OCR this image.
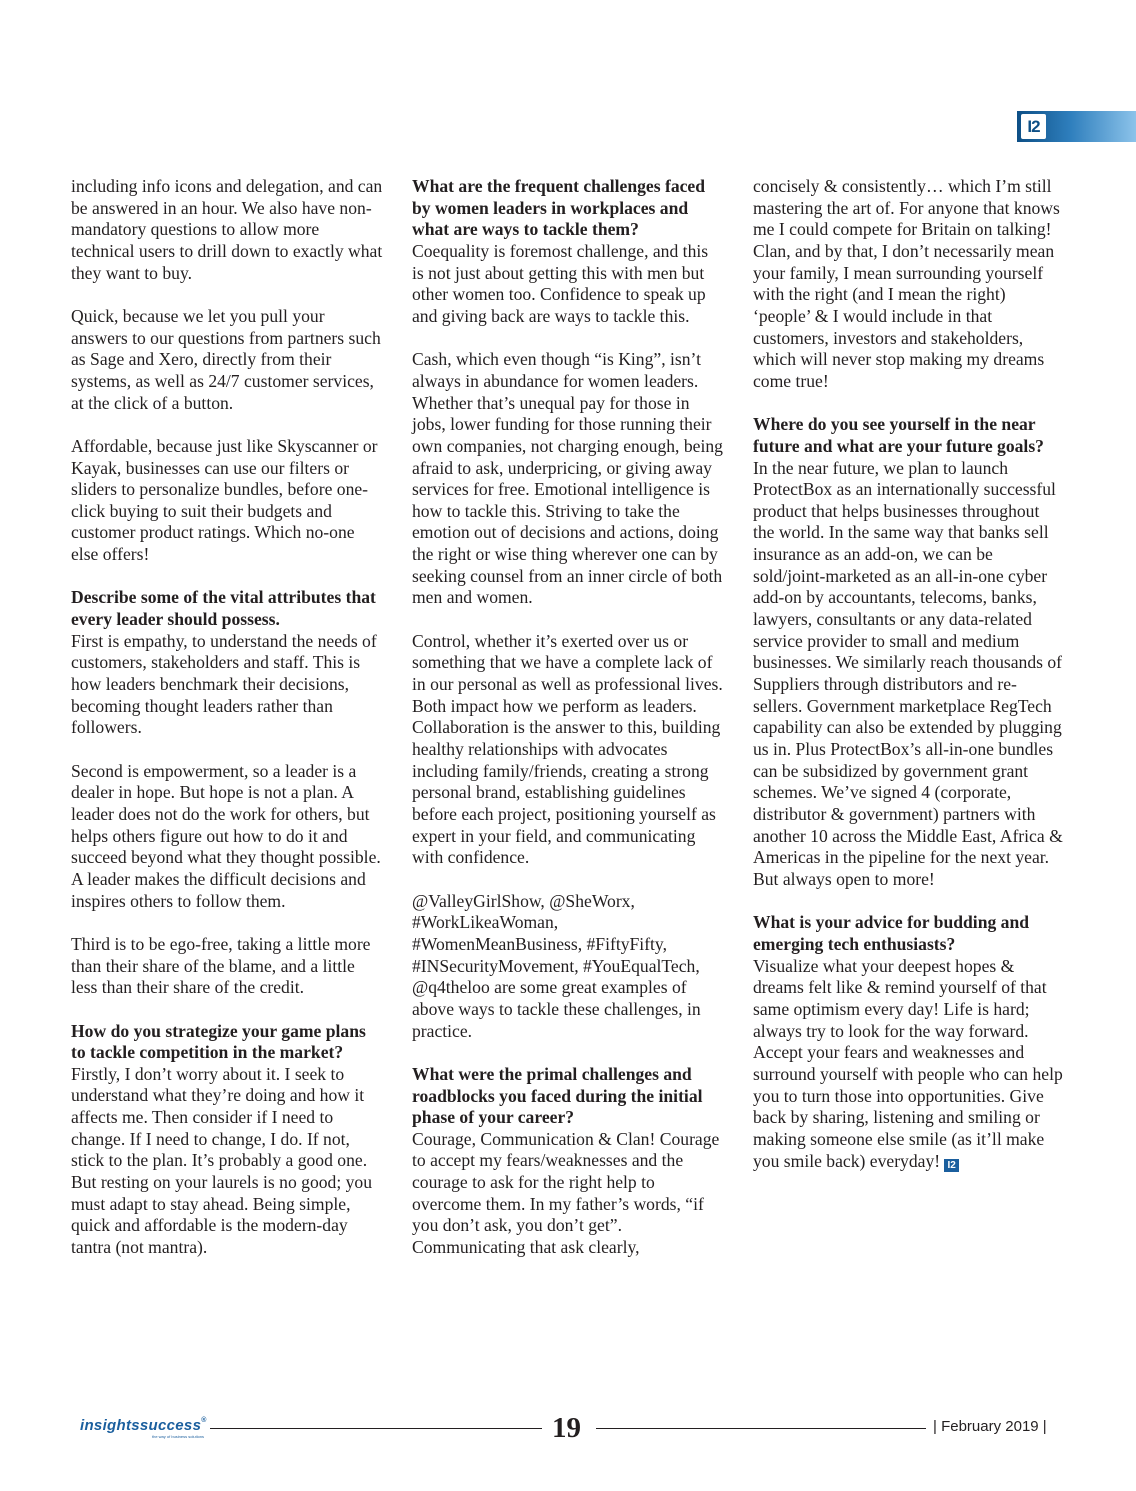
I2

including info icons and delegation, and can be answered in an hour. We also have non-mandatory questions to allow more technical users to drill down to exactly what they want to buy.

Quick, because we let you pull your answers to our questions from partners such as Sage and Xero, directly from their systems, as well as 24/7 customer services, at the click of a button.

Affordable, because just like Skyscanner or Kayak, businesses can use our filters or sliders to personalize bundles, before one-click buying to suit their budgets and customer product ratings. Which no-one else offers!

Describe some of the vital attributes that every leader should possess.

First is empathy, to understand the needs of customers, stakeholders and staff. This is how leaders benchmark their decisions, becoming thought leaders rather than followers.

Second is empowerment, so a leader is a dealer in hope. But hope is not a plan. A leader does not do the work for others, but helps others figure out how to do it and succeed beyond what they thought possible. A leader makes the difficult decisions and inspires others to follow them.

Third is to be ego-free, taking a little more than their share of the blame, and a little less than their share of the credit.

How do you strategize your game plans to tackle competition in the market?

Firstly, I don’t worry about it. I seek to understand what they’re doing and how it affects me. Then consider if I need to change. If I need to change, I do. If not, stick to the plan. It’s probably a good one. But resting on your laurels is no good; you must adapt to stay ahead. Being simple, quick and affordable is the modern-day tantra (not mantra).

What are the frequent challenges faced by women leaders in workplaces and what are ways to tackle them?

Coequality is foremost challenge, and this is not just about getting this with men but other women too. Confidence to speak up and giving back are ways to tackle this.

Cash, which even though “is King”, isn’t always in abundance for women leaders. Whether that’s unequal pay for those in jobs, lower funding for those running their own companies, not charging enough, being afraid to ask, underpricing, or giving away services for free. Emotional intelligence is how to tackle this. Striving to take the emotion out of decisions and actions, doing the right or wise thing wherever one can by seeking counsel from an inner circle of both men and women.

Control, whether it’s exerted over us or something that we have a complete lack of in our personal as well as professional lives. Both impact how we perform as leaders. Collaboration is the answer to this, building healthy relationships with advocates including family/friends, creating a strong personal brand, establishing guidelines before each project, positioning yourself as expert in your field, and communicating with confidence.

@ValleyGirlShow, @SheWorx, #WorkLikeaWoman, #WomenMeanBusiness, #FiftyFifty, #INSecurityMovement, #YouEqualTech, @q4theloo are some great examples of above ways to tackle these challenges, in practice.

What were the primal challenges and roadblocks you faced during the initial phase of your career?

Courage, Communication & Clan! Courage to accept my fears/weaknesses and the courage to ask for the right help to overcome them. In my father’s words, “if you don’t ask, you don’t get”. Communicating that ask clearly,

concisely & consistently… which I’m still mastering the art of. For anyone that knows me I could compete for Britain on talking! Clan, and by that, I don’t necessarily mean your family, I mean surrounding yourself with the right (and I mean the right) ‘people’ & I would include in that customers, investors and stakeholders, which will never stop making my dreams come true!

Where do you see yourself in the near future and what are your future goals?

In the near future, we plan to launch ProtectBox as an internationally successful product that helps businesses throughout the world. In the same way that banks sell insurance as an add-on, we can be sold/joint-marketed as an all-in-one cyber add-on by accountants, telecoms, banks, lawyers, consultants or any data-related service provider to small and medium businesses. We similarly reach thousands of Suppliers through distributors and re-sellers. Government marketplace RegTech capability can also be extended by plugging us in. Plus ProtectBox’s all-in-one bundles can be subsidized by government grant schemes. We’ve signed 4 (corporate, distributor & government) partners with another 10 across the Middle East, Africa & Americas in the pipeline for the next year. But always open to more!

What is your advice for budding and emerging tech enthusiasts?

Visualize what your deepest hopes & dreams felt like & remind yourself of that same optimism every day! Life is hard; always try to look for the way forward. Accept your fears and weaknesses and surround yourself with people who can help you to turn those into opportunities. Give back by sharing, listening and smiling or making someone else smile (as it’ll make you smile back) everyday! I2

insightssuccess®
the way of business solutions	19	| February 2019 |
